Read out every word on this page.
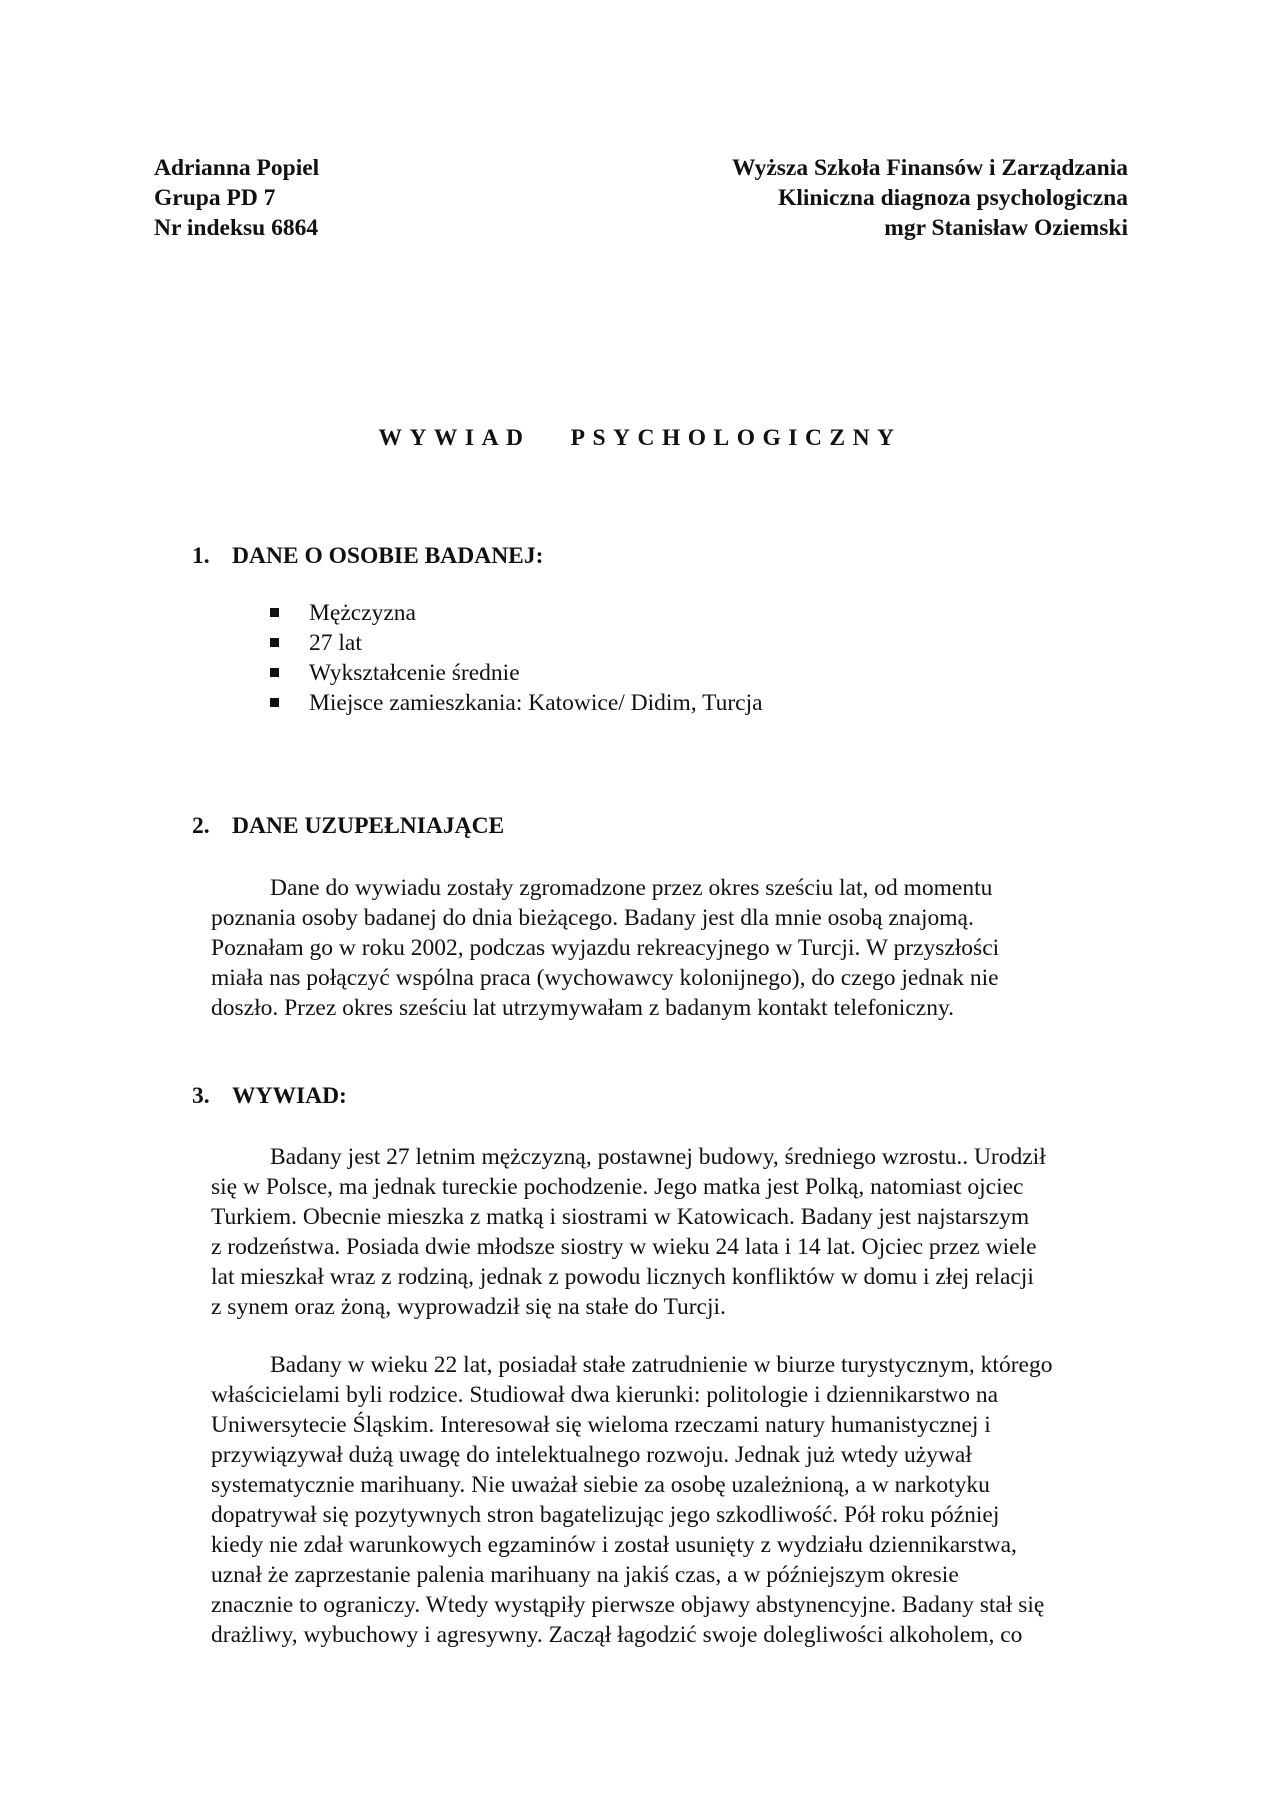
Adrianna Popiel
Grupa PD 7
Nr indeksu 6864
Wyższa Szkoła Finansów i Zarządzania
Kliniczna diagnoza psychologiczna
mgr Stanisław Oziemski
WYWIAD   PSYCHOLOGICZNY
1. DANE O OSOBIE BADANEJ:
Mężczyzna
27 lat
Wykształcenie średnie
Miejsce zamieszkania: Katowice/ Didim, Turcja
2. DANE UZUPEŁNIAJĄCE
Dane do wywiadu zostały zgromadzone przez okres sześciu lat, od momentu
poznania osoby badanej do dnia bieżącego. Badany jest dla mnie osobą znajomą.
Poznałam go w roku 2002, podczas wyjazdu rekreacyjnego w Turcji. W przyszłości
miała nas połączyć wspólna praca (wychowawcy kolonijnego), do czego jednak nie
doszło. Przez okres sześciu lat utrzymywałam z badanym kontakt telefoniczny.
3. WYWIAD:
Badany jest 27 letnim mężczyzną, postawnej budowy, średniego wzrostu.. Urodził
się w Polsce, ma jednak tureckie pochodzenie. Jego matka jest Polką, natomiast ojciec
Turkiem. Obecnie mieszka z matką i siostrami w Katowicach. Badany jest najstarszym
z rodzeństwa. Posiada dwie młodsze siostry w wieku 24 lata i 14 lat. Ojciec przez wiele
lat mieszkał wraz z rodziną, jednak z powodu licznych konfliktów w domu i złej relacji
z synem oraz żoną, wyprowadził się na stałe do Turcji.
Badany w wieku 22 lat, posiadał stałe zatrudnienie w biurze turystycznym, którego
właścicielami byli rodzice. Studiował dwa kierunki: politologie i dziennikarstwo na
Uniwersytecie Śląskim. Interesował się wieloma rzeczami natury humanistycznej i
przywiązywał dużą uwagę do intelektualnego rozwoju. Jednak już wtedy używał
systematycznie marihuany. Nie uważał siebie za osobę uzależnioną, a w narkotyku
dopatrywał się pozytywnych stron bagatelizując jego szkodliwość. Pół roku później
kiedy nie zdał warunkowych egzaminów i został usunięty z wydziału dziennikarstwa,
uznał że zaprzestanie palenia marihuany na jakiś czas, a w późniejszym okresie
znacznie to ograniczy. Wtedy wystąpiły pierwsze objawy abstynencyjne. Badany stał się
drażliwy, wybuchowy i agresywny. Zaczął łagodzić swoje dolegliwości alkoholem, co
